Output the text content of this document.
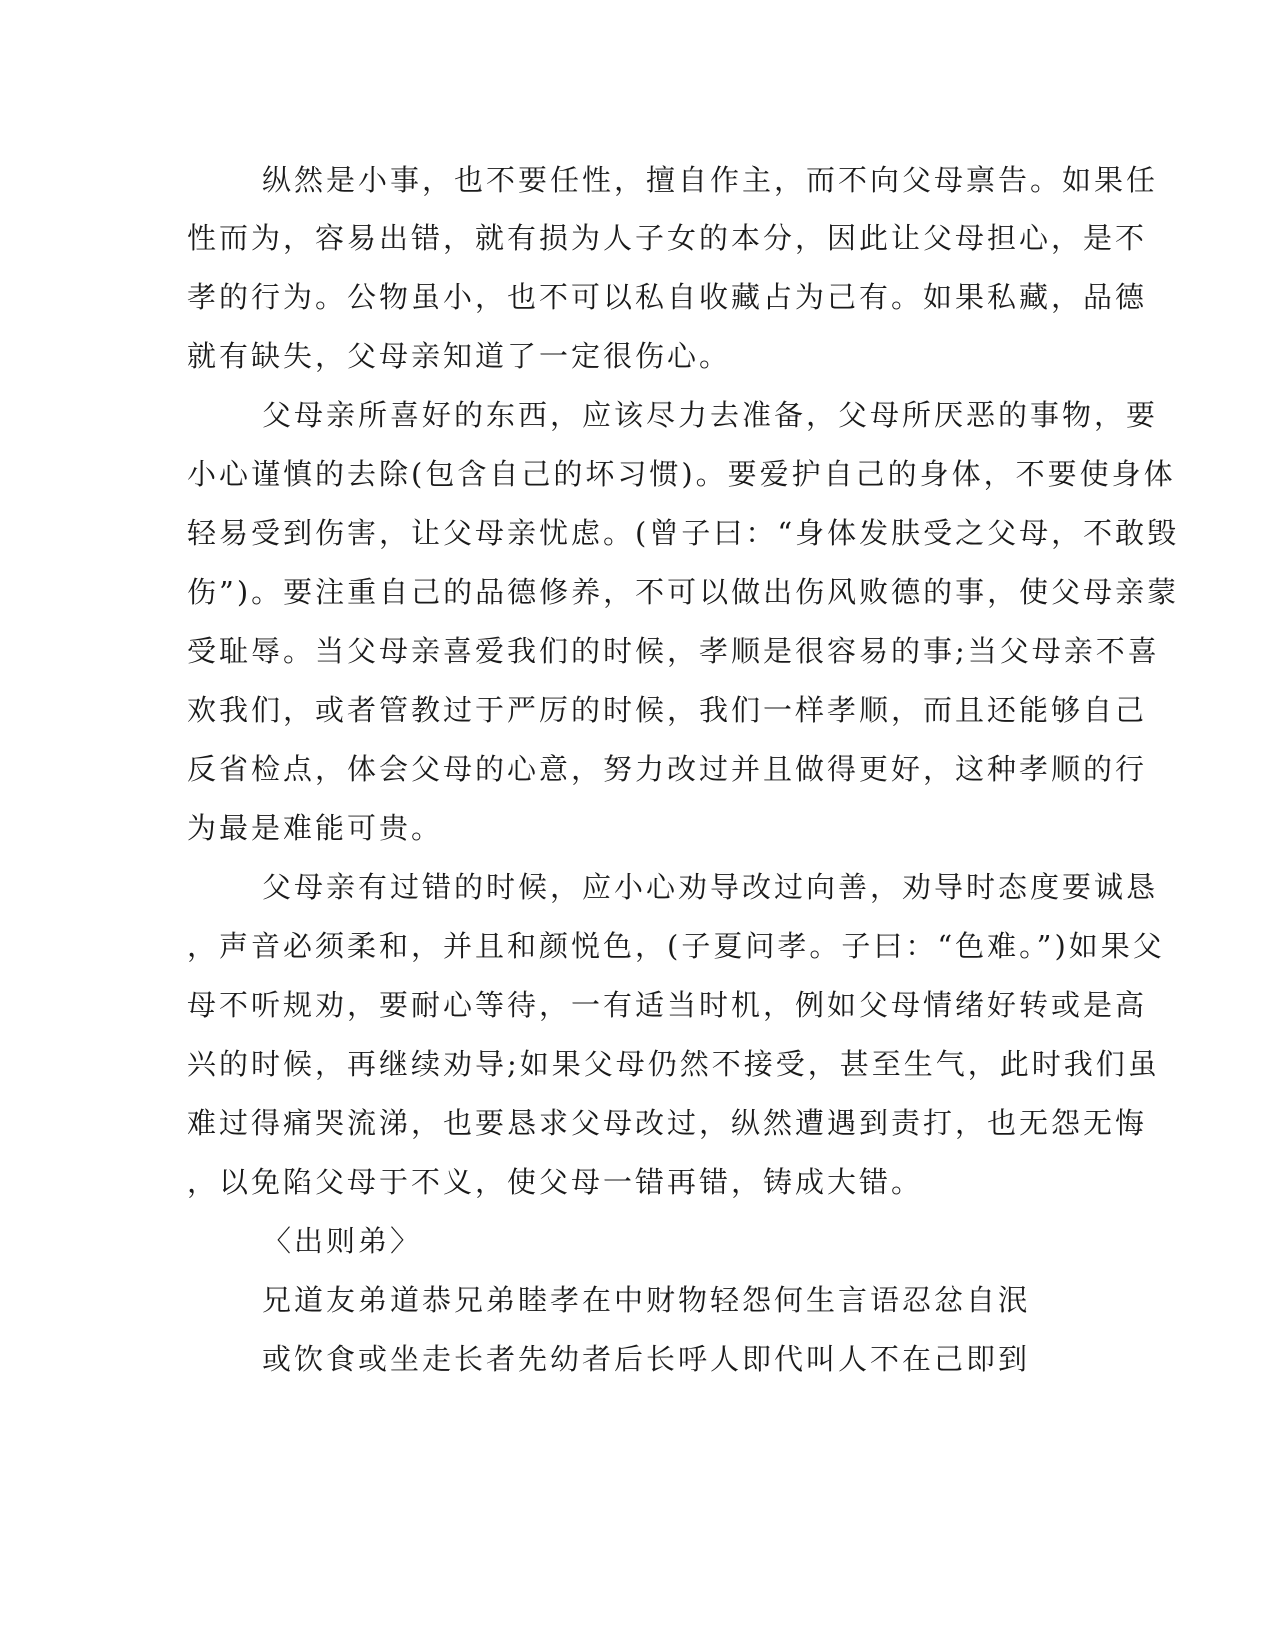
纵然是小事，也不要任性，擅自作主，而不向父母禀告。如果任
性而为，容易出错，就有损为人子女的本分，因此让父母担心，是不
孝的行为。公物虽小，也不可以私自收藏占为己有。如果私藏，品德
就有缺失，父母亲知道了一定很伤心。
父母亲所喜好的东西，应该尽力去准备，父母所厌恶的事物，要
小心谨慎的去除(包含自己的坏习惯)。要爱护自己的身体，不要使身体
轻易受到伤害，让父母亲忧虑。(曾子曰：“身体发肤受之父母，不敢毁
伤”)。要注重自己的品德修养，不可以做出伤风败德的事，使父母亲蒙
受耻辱。当父母亲喜爱我们的时候，孝顺是很容易的事;当父母亲不喜
欢我们，或者管教过于严厉的时候，我们一样孝顺，而且还能够自己
反省检点，体会父母的心意，努力改过并且做得更好，这种孝顺的行
为最是难能可贵。
父母亲有过错的时候，应小心劝导改过向善，劝导时态度要诚恳
，声音必须柔和，并且和颜悦色，(子夏问孝。子曰：“色难。”)如果父
母不听规劝，要耐心等待，一有适当时机，例如父母情绪好转或是高
兴的时候，再继续劝导;如果父母仍然不接受，甚至生气，此时我们虽
难过得痛哭流涕，也要恳求父母改过，纵然遭遇到责打，也无怨无悔
，以免陷父母于不义，使父母一错再错，铸成大错。
〈出则弟〉
兄道友弟道恭兄弟睦孝在中财物轻怨何生言语忍忿自泯
或饮食或坐走长者先幼者后长呼人即代叫人不在己即到
